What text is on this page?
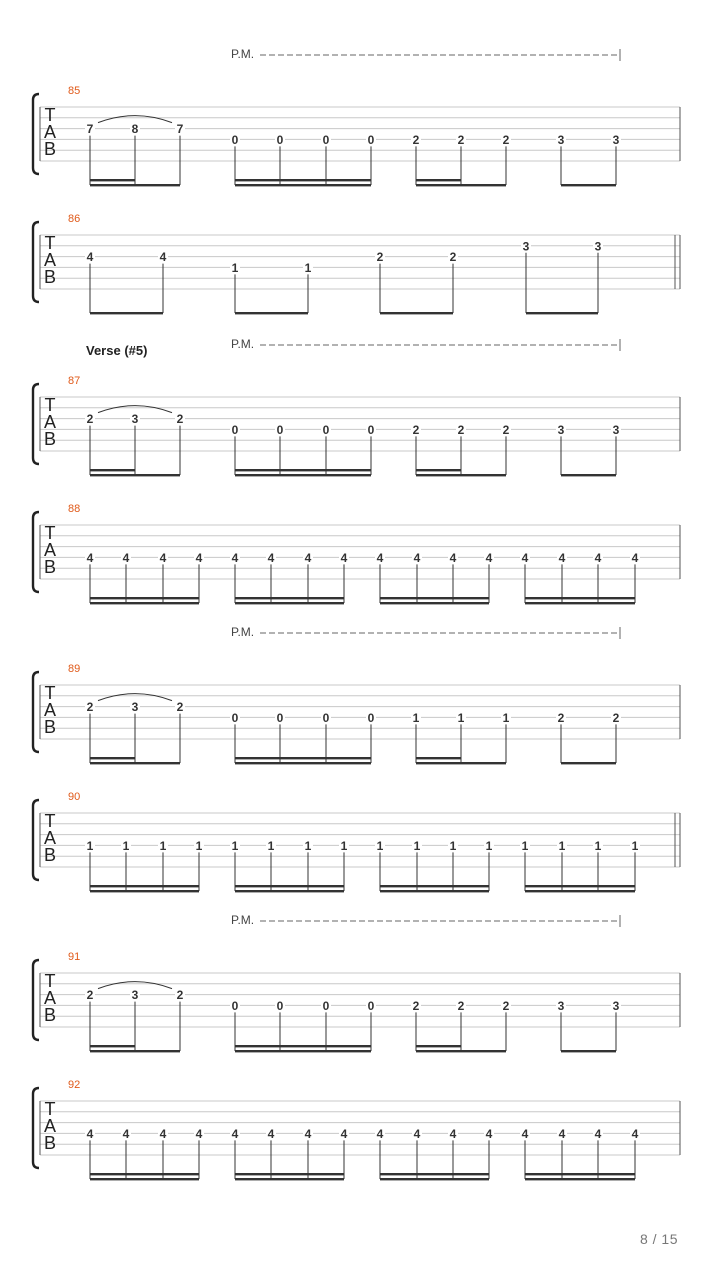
T
A
B
85
P.M.
7	8	7
0	0	0	0	2	2	2	3	3
T
A
B
86
4	4
1	1
2	2
3	3
T
A
B
87
Verse (#5)	P.M.
2	3	2
0	0	0	0	2	2	2	3	3
T
A
B
88
4 4	4 4 4 4	4 4 4	4 4 4 4	4 4	4
T
A
B
89
P.M.
2	3	2
0	0	0	0	1	1	1	2	2
T
A
B
90
1 1	1 1 1 1	1 1 1	1 1 1 1	1 1	1
T
A
B
91
P.M.
2	3	2
0	0	0	0	2	2	2	3	3
T
A
B
92
4 4	4 4 4 4	4 4 4	4 4 4 4	4 4	4
8 / 15
